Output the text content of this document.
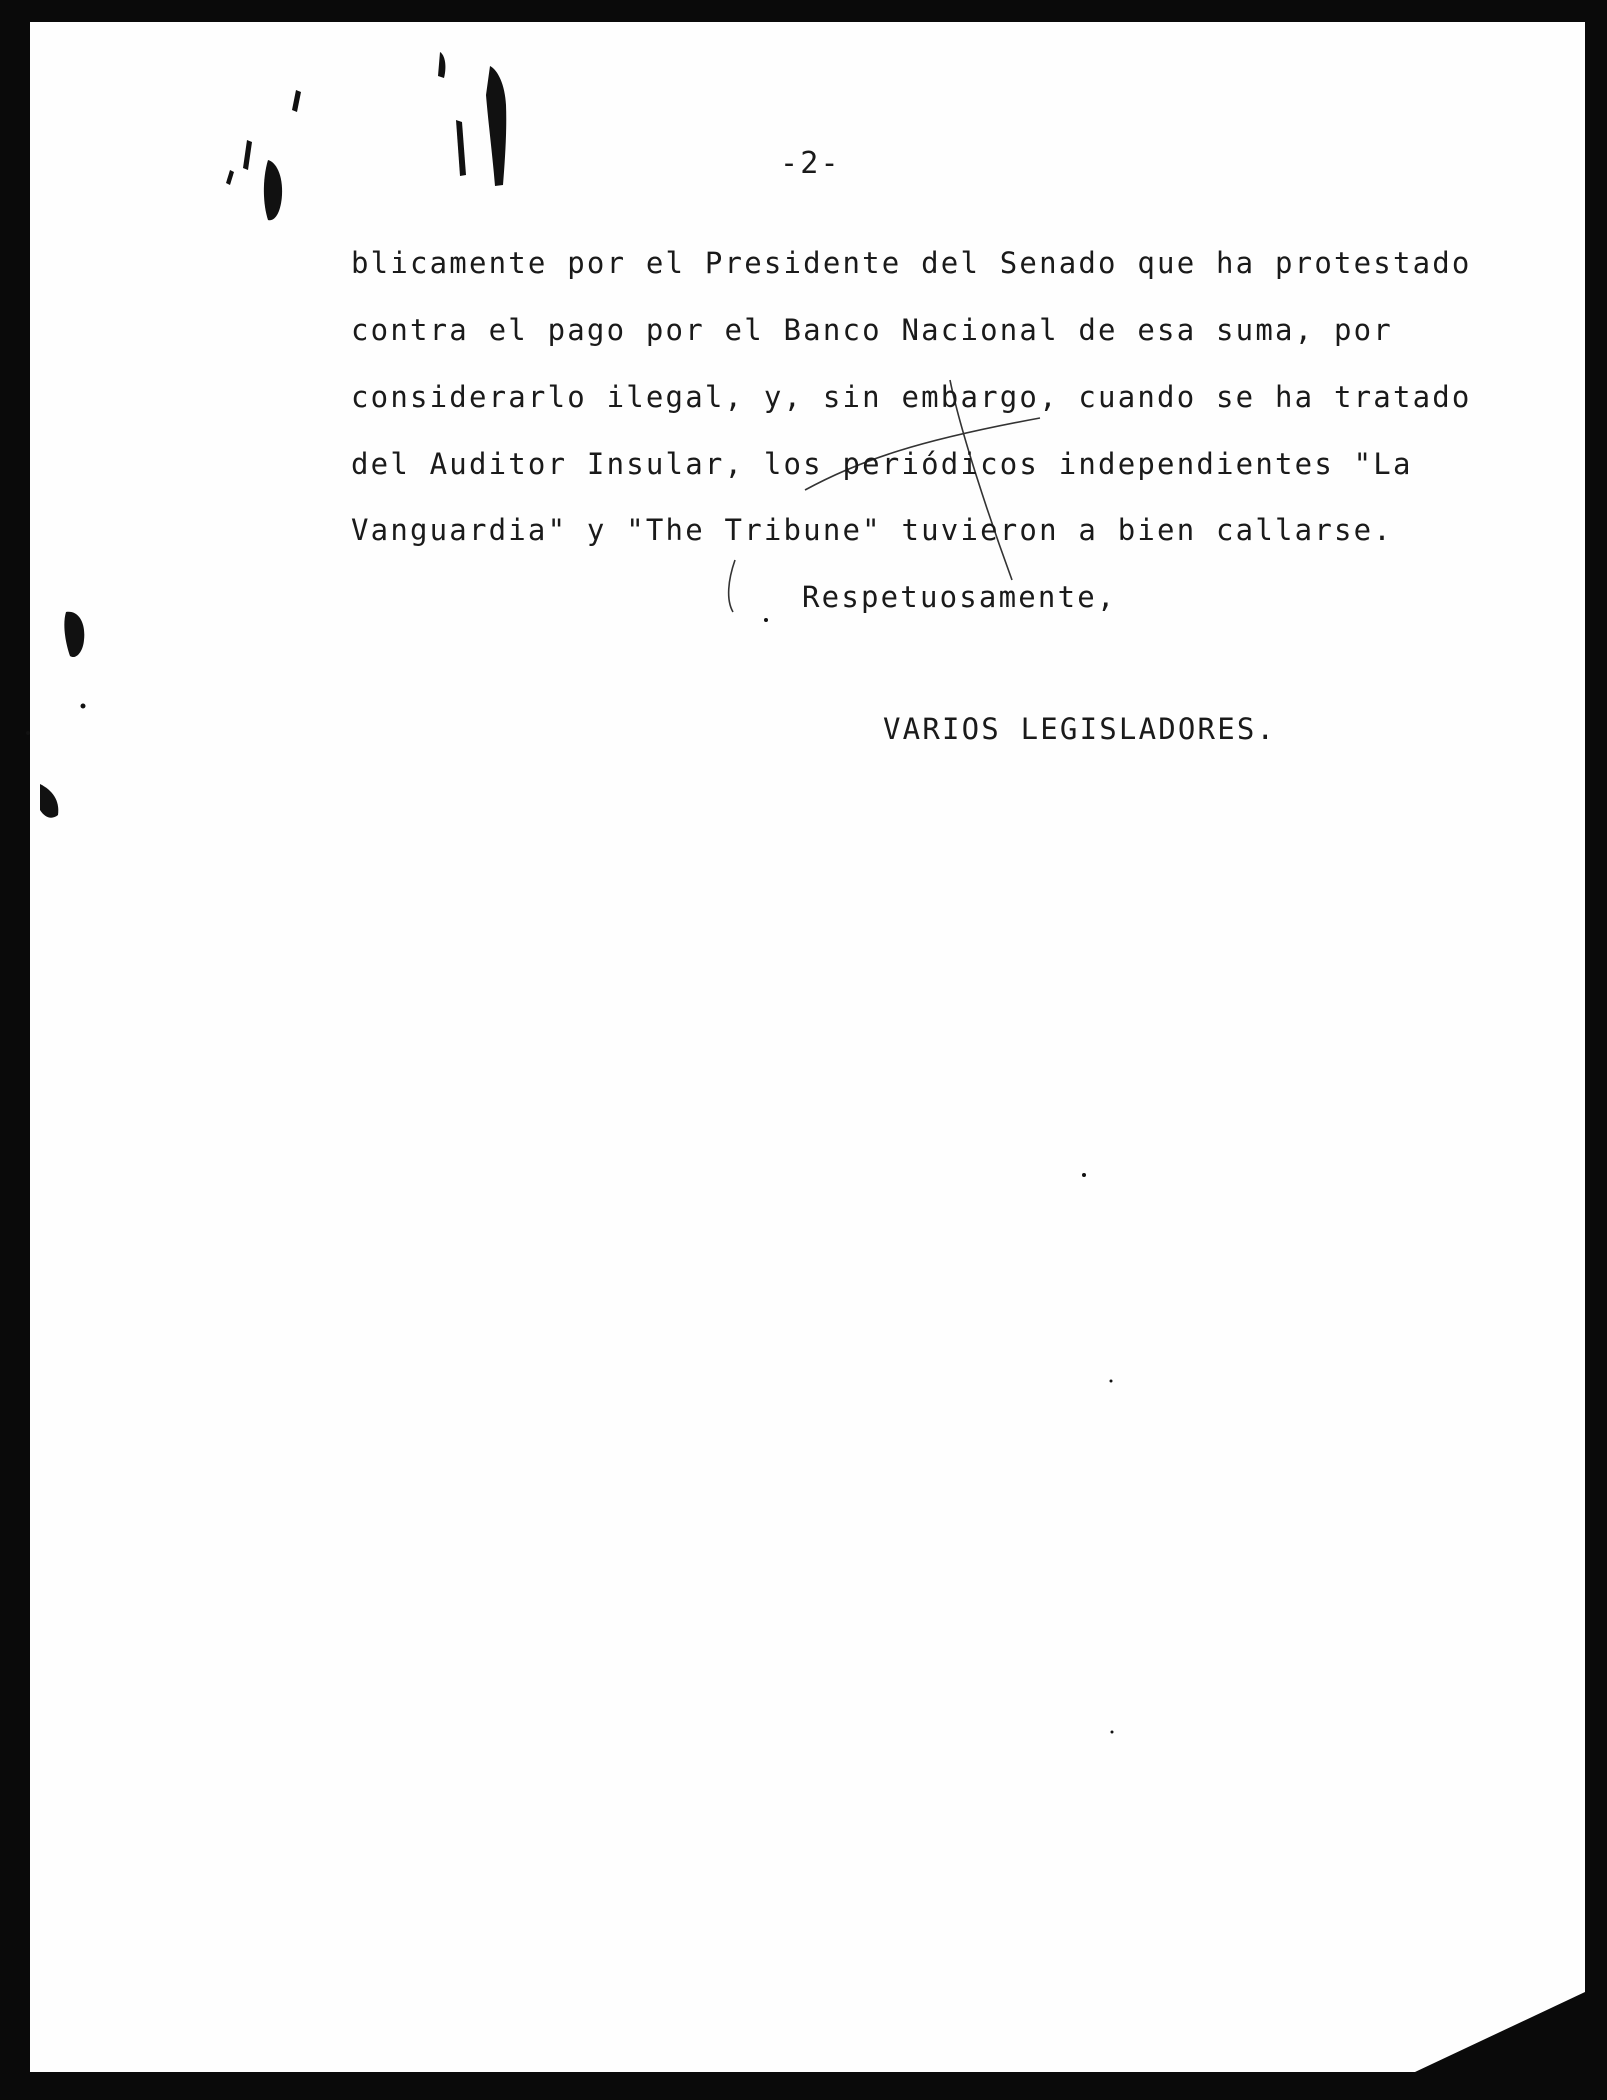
-2-
blicamente por el Presidente del Senado que ha protestado
contra el pago por el Banco Nacional de esa suma, por
considerarlo ilegal, y, sin embargo, cuando se ha tratado
del Auditor Insular, los periódicos independientes "La
Vanguardia" y "The Tribune" tuvieron a bien callarse.
Respetuosamente,
VARIOS LEGISLADORES.
